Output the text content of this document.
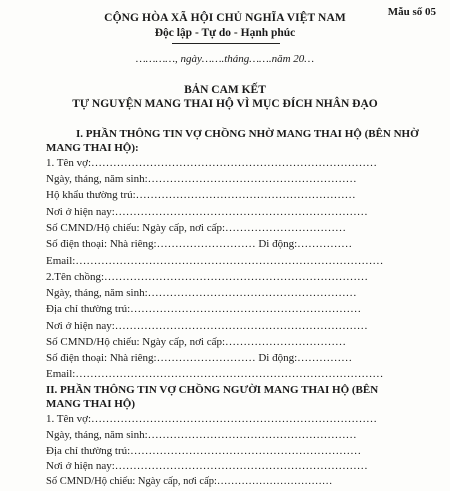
Mẫu số 05
CỘNG HÒA XÃ HỘI CHỦ NGHĨA VIỆT NAM
Độc lập - Tự do - Hạnh phúc
…………, ngày…….tháng…….năm 20…
BẢN CAM KẾT
TỰ NGUYỆN MANG THAI HỘ VÌ MỤC ĐÍCH NHÂN ĐẠO
I. PHẦN THÔNG TIN VỢ CHỒNG NHỜ MANG THAI HỘ (BÊN NHỜ
MANG THAI HỘ):
1. Tên vợ:……………………………………………………………………
Ngày, tháng, năm sinh:…………………………………………………
Hộ khẩu thường trú:……………………………………………………
Nơi ở hiện nay:……………………………………………………………
Số CMND/Hộ chiếu: Ngày cấp, nơi cấp:……………………………
Số điện thoại: Nhà riêng:……………………… Di động:……………
Email:…………………………………………………………………………
2.Tên chồng:………………………………………………………………
Ngày, tháng, năm sinh:…………………………………………………
Địa chỉ thường trú:………………………………………………………
Nơi ở hiện nay:……………………………………………………………
Số CMND/Hộ chiếu: Ngày cấp, nơi cấp:……………………………
Số điện thoại: Nhà riêng:……………………… Di động:……………
Email:…………………………………………………………………………
II. PHẦN THÔNG TIN VỢ CHỒNG NGƯỜI MANG THAI HỘ (BÊN
MANG THAI HỘ)
1. Tên vợ:……………………………………………………………………
Ngày, tháng, năm sinh:…………………………………………………
Địa chỉ thường trú:………………………………………………………
Nơi ở hiện nay:……………………………………………………………
Số CMND/Hộ chiếu: Ngày cấp, nơi cấp:……………………………
